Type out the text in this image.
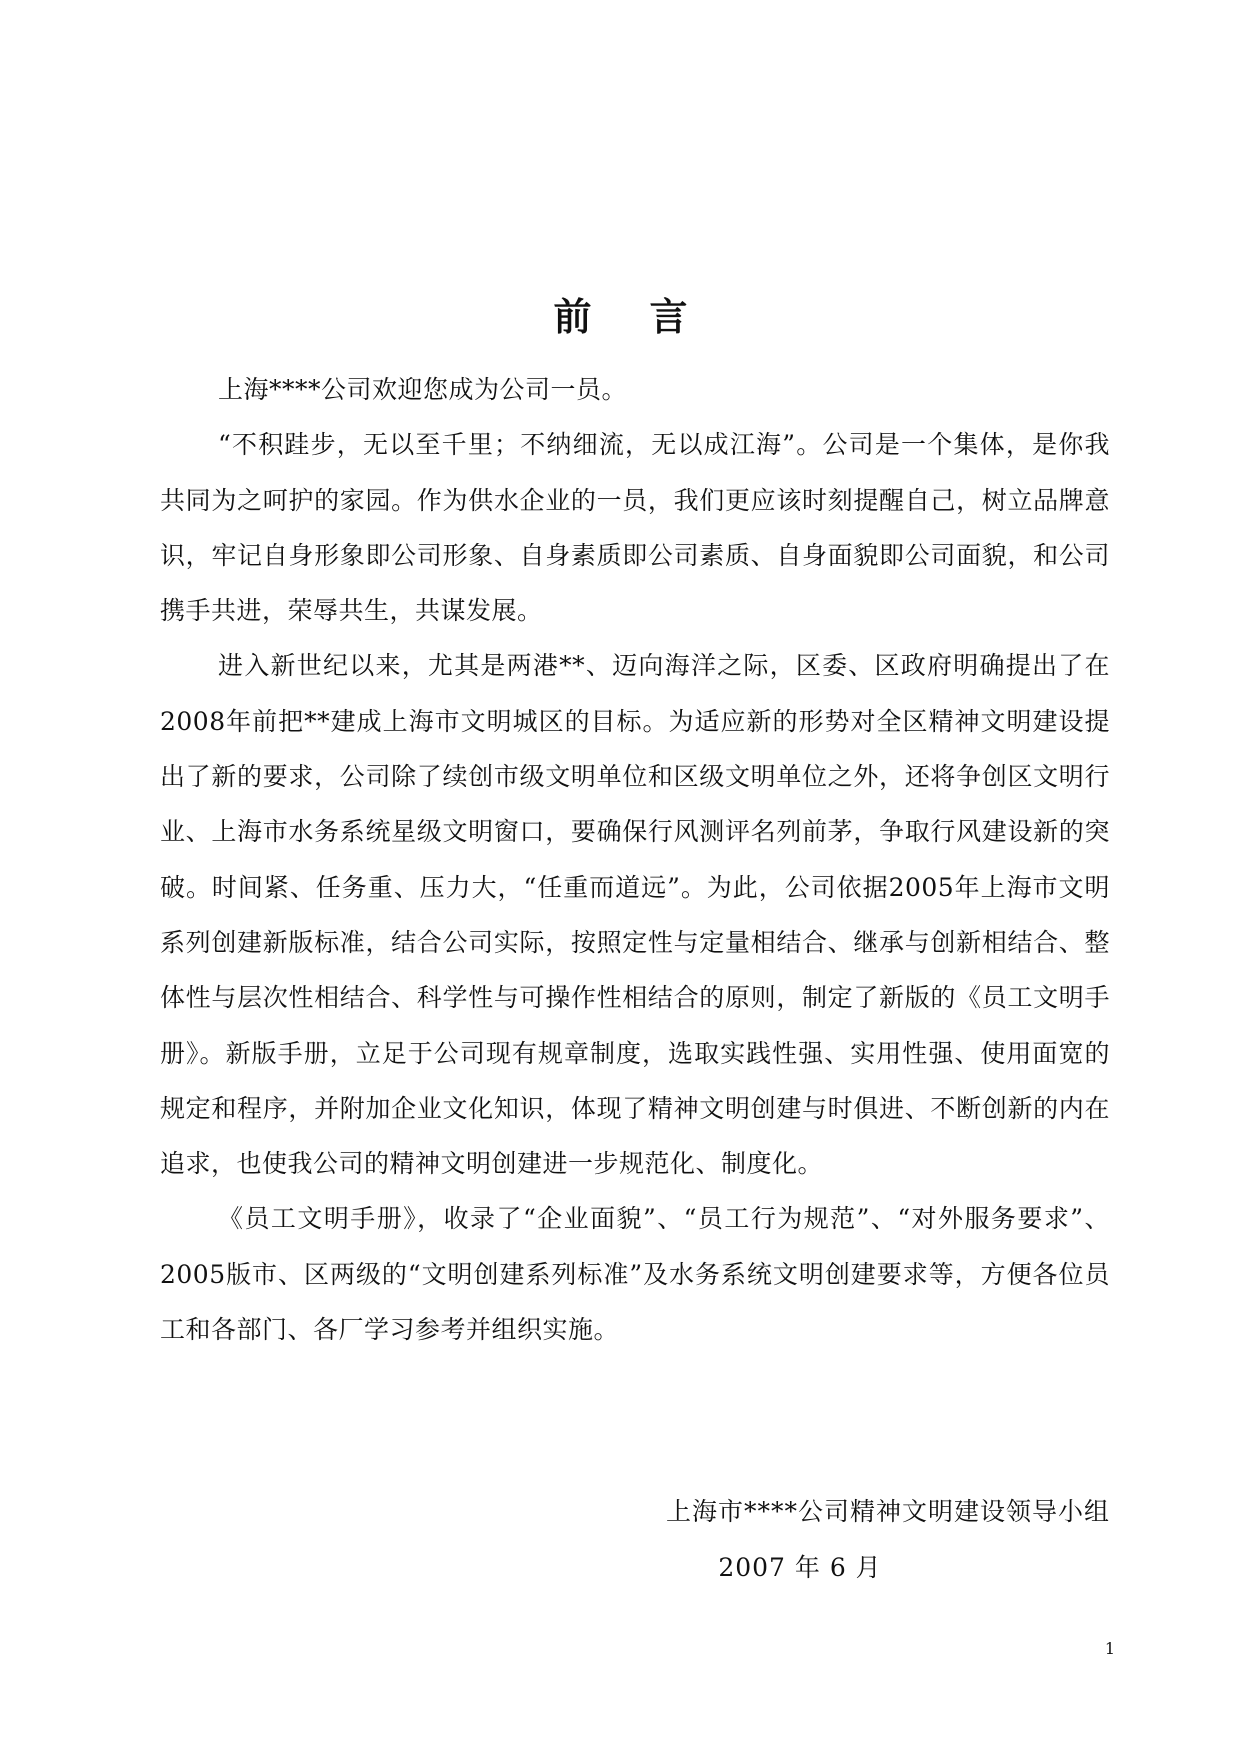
前言

上海****公司欢迎您成为公司一员。

“不积跬步，无以至千里；不纳细流，无以成江海”。公司是一个集体，是你我共同为之呵护的家园。作为供水企业的一员，我们更应该时刻提醒自己，树立品牌意识，牢记自身形象即公司形象、自身素质即公司素质、自身面貌即公司面貌，和公司携手共进，荣辱共生，共谋发展。

进入新世纪以来，尤其是两港**、迈向海洋之际，区委、区政府明确提出了在2008年前把**建成上海市文明城区的目标。为适应新的形势对全区精神文明建设提出了新的要求，公司除了续创市级文明单位和区级文明单位之外，还将争创区文明行业、上海市水务系统星级文明窗口，要确保行风测评名列前茅，争取行风建设新的突破。时间紧、任务重、压力大，“任重而道远”。为此，公司依据2005年上海市文明系列创建新版标准，结合公司实际，按照定性与定量相结合、继承与创新相结合、整体性与层次性相结合、科学性与可操作性相结合的原则，制定了新版的《员工文明手册》。新版手册，立足于公司现有规章制度，选取实践性强、实用性强、使用面宽的规定和程序，并附加企业文化知识，体现了精神文明创建与时俱进、不断创新的内在追求，也使我公司的精神文明创建进一步规范化、制度化。

《员工文明手册》，收录了“企业面貌”、“员工行为规范”、“对外服务要求”、2005版市、区两级的“文明创建系列标准”及水务系统文明创建要求等，方便各位员工和各部门、各厂学习参考并组织实施。

上海市****公司精神文明建设领导小组
2007 年 6 月
1
